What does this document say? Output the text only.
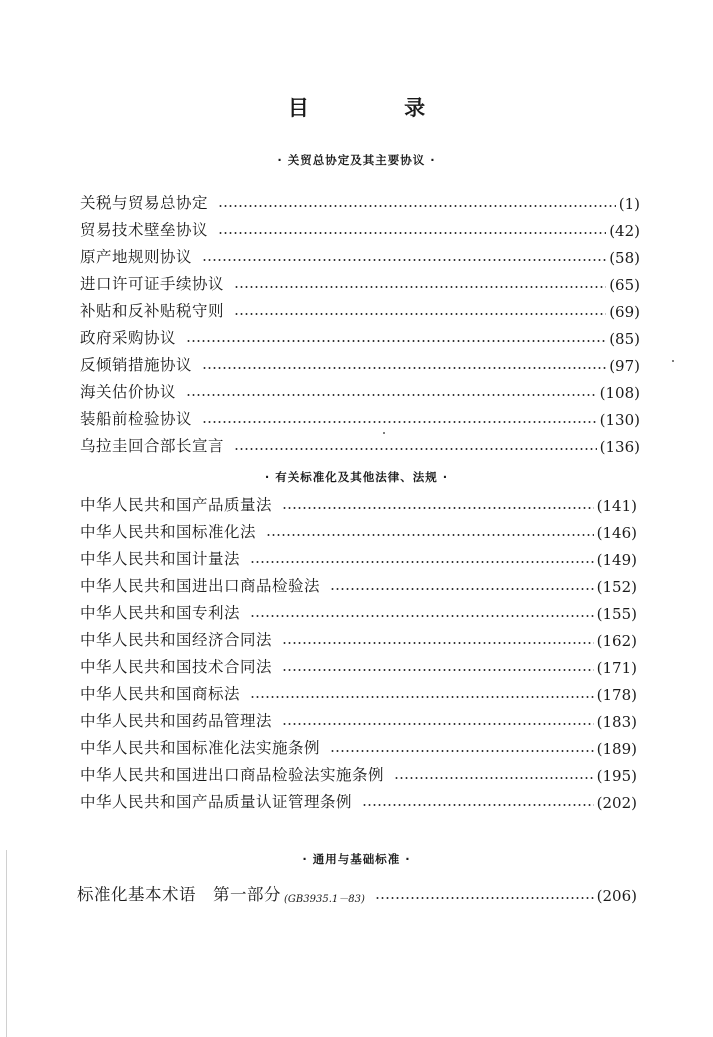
目 录
· 关贸总协定及其主要协议 ·
关税与贸易总协定	(1)
贸易技术壁垒协议	(42)
原产地规则协议	(58)
进口许可证手续协议	(65)
补贴和反补贴税守则	(69)
政府采购协议	(85)
反倾销措施协议	(97)
海关估价协议	(108)
装船前检验协议	(130)
乌拉圭回合部长宣言	(136)
· 有关标准化及其他法律、法规 ·
中华人民共和国产品质量法	(141)
中华人民共和国标准化法	(146)
中华人民共和国计量法	(149)
中华人民共和国进出口商品检验法	(152)
中华人民共和国专利法	(155)
中华人民共和国经济合同法	(162)
中华人民共和国技术合同法	(171)
中华人民共和国商标法	(178)
中华人民共和国药品管理法	(183)
中华人民共和国标准化法实施条例	(189)
中华人民共和国进出口商品检验法实施条例	(195)
中华人民共和国产品质量认证管理条例	(202)
· 通用与基础标准 ·
标准化基本术语　第一部分 (GB3935.1－83)	(206)
